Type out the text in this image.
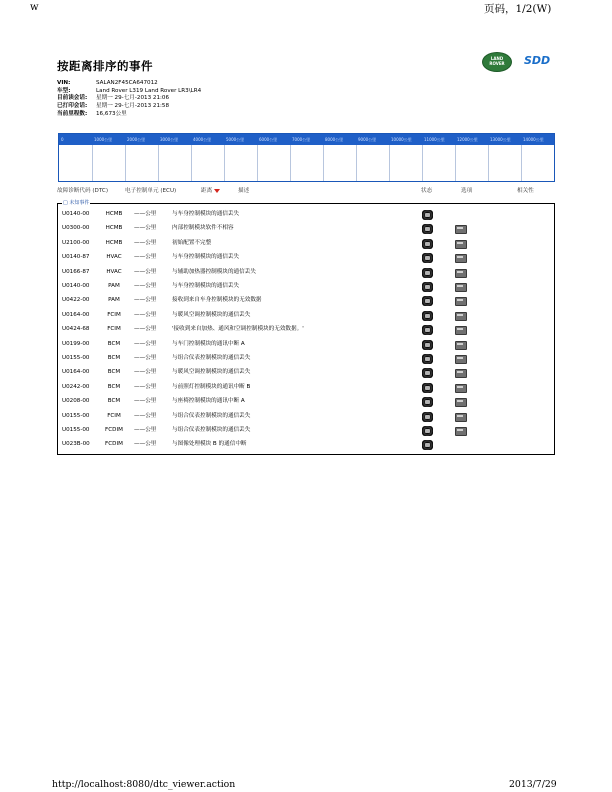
w	页码，1/2(W)
按距离排序的事件
LAND ROVER	SDD
VIN:	SALAN2F45CA647012
车型:	Land Rover L319 Land Rover LR3\LR4
目前读会话:	星期一 29-七月-2013 21:06
已打印会话:	星期一 29-七月-2013 21:58
当前里程数:	16,673公里
0	1000公里	2000公里	3000公里	4000公里	5000公里	6000公里	7000公里	8000公里	9000公里	10000公里	11000公里	12000公里	13000公里	14000公里
故障诊断代码 (DTC)	电子控制单元 (ECU)	距离	描述	状态	选项	相关性
□ 未知事件
U0140-00	HCMB	——公里	与车身控制模块的通信丢失
U0300-00	HCMB	——公里	内部控制模块软件不相容
U2100-00	HCMB	——公里	初始配置不完整
U0140-87	HVAC	——公里	与车身控制模块的通信丢失
U0166-87	HVAC	——公里	与辅助加热器控制模块的通信丢失
U0140-00	PAM	——公里	与车身控制模块的通信丢失
U0422-00	PAM	——公里	接收到来自车身控制模块的无效数据
U0164-00	FCIM	——公里	与暖风空调控制模块的通信丢失
U0424-68	FCIM	——公里	'接收到来自加热、通风和空调控制模块的无效数据。'
U0199-00	BCM	——公里	与车门控制模块的通讯中断 A
U0155-00	BCM	——公里	与组合仪表控制模块的通信丢失
U0164-00	BCM	——公里	与暖风空调控制模块的通信丢失
U0242-00	BCM	——公里	与前照灯控制模块的通讯中断 B
U0208-00	BCM	——公里	与座椅控制模块的通讯中断 A
U0155-00	FCIM	——公里	与组合仪表控制模块的通信丢失
U0155-00	FCDIM	——公里	与组合仪表控制模块的通信丢失
U023B-00	FCDIM	——公里	与图像处理模块 B 的通信中断
http://localhost:8080/dtc_viewer.action	2013/7/29
